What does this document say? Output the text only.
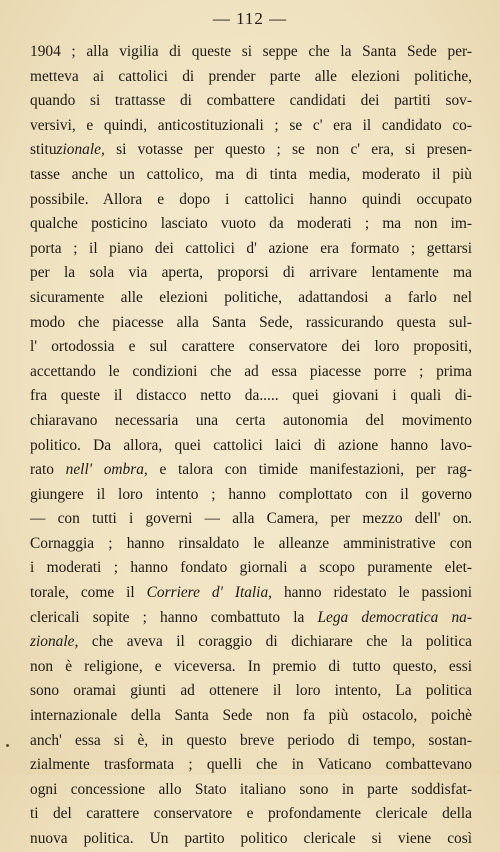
— 112 —
1904 ; alla vigilia di queste si seppe che la Santa Sede per-
metteva ai cattolici di prender parte alle elezioni politiche,
quando si trattasse di combattere candidati dei partiti sov-
versivi, e quindi, anticostituzionali ; se c' era il candidato co-
stituzionale, si votasse per questo ; se non c' era, si presen-
tasse anche un cattolico, ma di tinta media, moderato il più
possibile. Allora e dopo i cattolici hanno quindi occupato
qualche posticino lasciato vuoto da moderati ; ma non im-
porta ; il piano dei cattolici d' azione era formato ; gettarsi
per la sola via aperta, proporsi di arrivare lentamente ma
sicuramente alle elezioni politiche, adattandosi a farlo nel
modo che piacesse alla Santa Sede, rassicurando questa sul-
l' ortodossia e sul carattere conservatore dei loro propositi,
accettando le condizioni che ad essa piacesse porre ; prima
fra queste il distacco netto da..... quei giovani i quali di-
chiaravano necessaria una certa autonomia del movimento
politico. Da allora, quei cattolici laici di azione hanno lavo-
rato nell' ombra, e talora con timide manifestazioni, per rag-
giungere il loro intento ; hanno complottato con il governo
— con tutti i governi — alla Camera, per mezzo dell' on.
Cornaggia ; hanno rinsaldato le alleanze amministrative con
i moderati ; hanno fondato giornali a scopo puramente elet-
torale, come il Corriere d' Italia, hanno ridestato le passioni
clericali sopite ; hanno combattuto la Lega democratica na-
zionale, che aveva il coraggio di dichiarare che la politica
non è religione, e viceversa. In premio di tutto questo, essi
sono oramai giunti ad ottenere il loro intento, La politica
internazionale della Santa Sede non fa più ostacolo, poichè
anch' essa si è, in questo breve periodo di tempo, sostan-
zialmente trasformata ; quelli che in Vaticano combattevano
ogni concessione allo Stato italiano sono in parte soddisfat-
ti del carattere conservatore e profondamente clericale della
nuova politica. Un partito politico clericale si viene così
